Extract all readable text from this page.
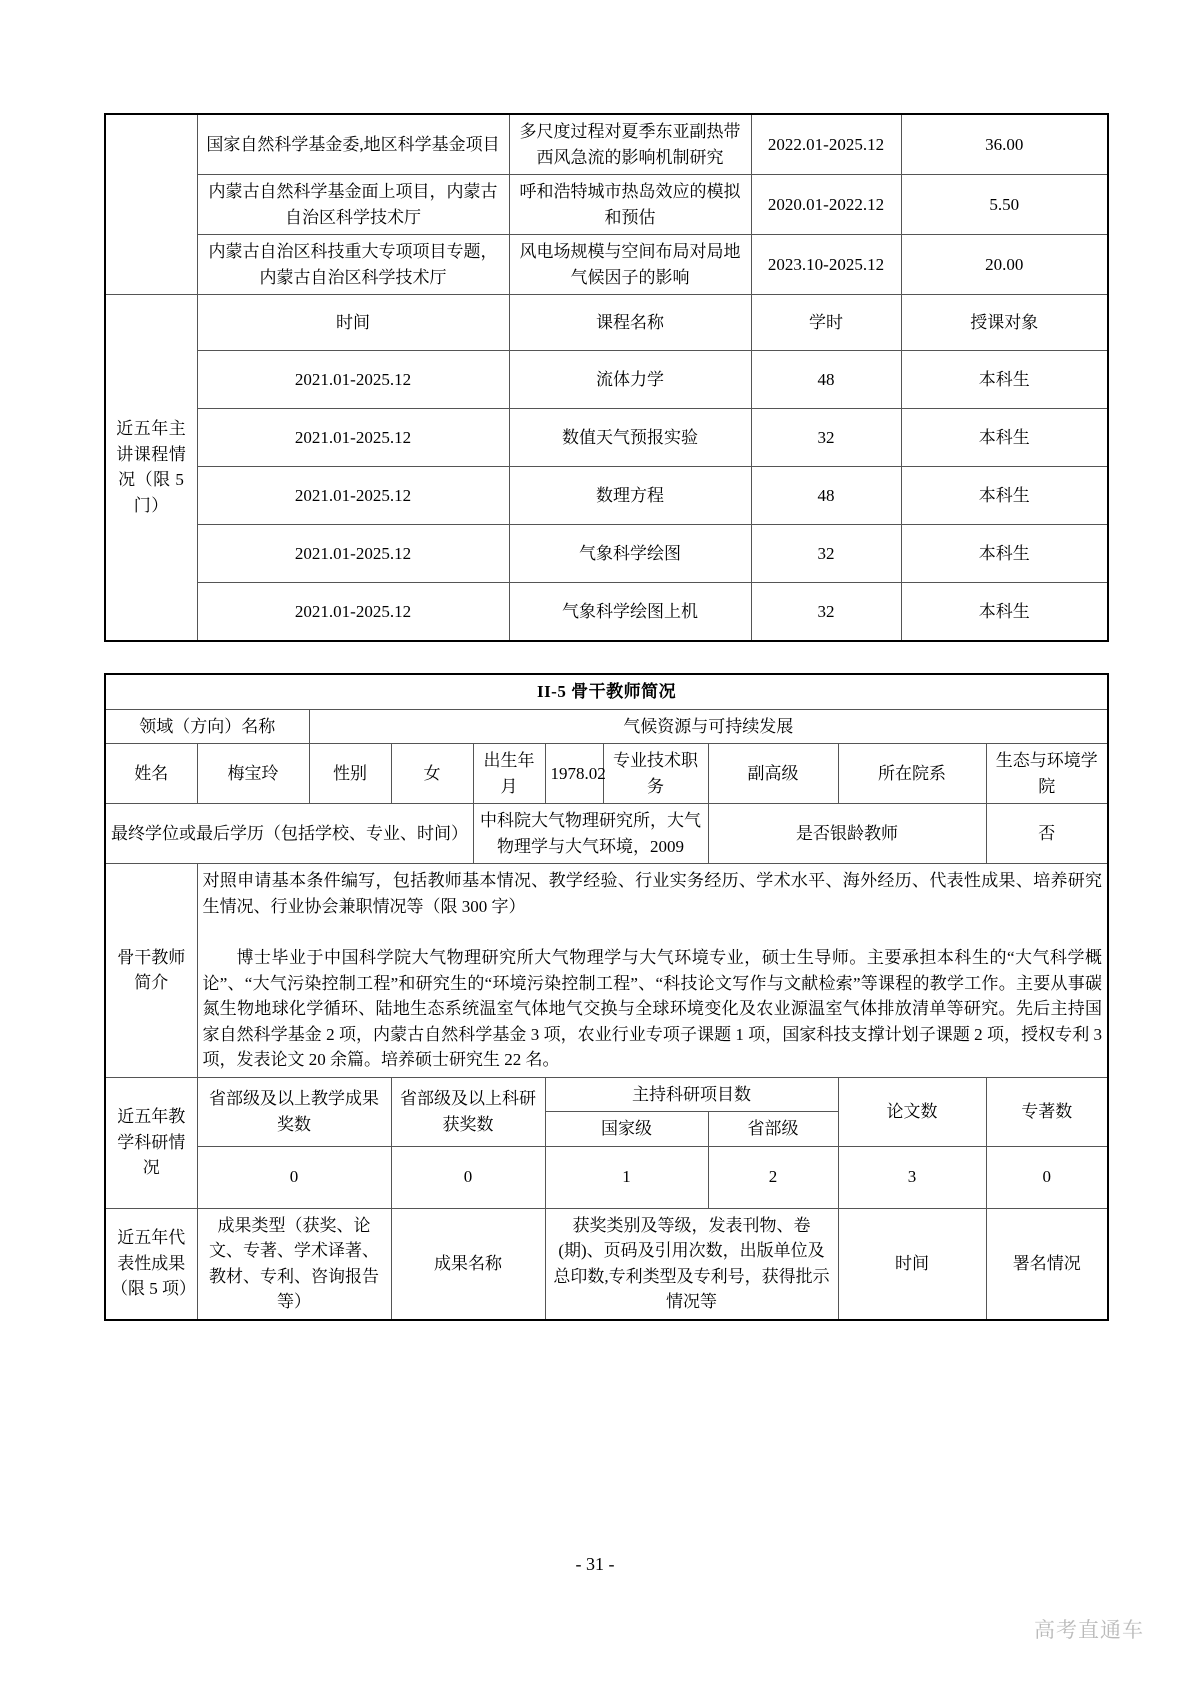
	国家自然科学基金委,地区科学基金项目	多尺度过程对夏季东亚副热带西风急流的影响机制研究	2022.01-2025.12	36.00
	内蒙古自然科学基金面上项目，内蒙古自治区科学技术厅	呼和浩特城市热岛效应的模拟和预估	2020.01-2022.12	5.50
	内蒙古自治区科技重大专项项目专题，内蒙古自治区科学技术厅	风电场规模与空间布局对局地气候因子的影响	2023.10-2025.12	20.00
近五年主讲课程情况（限 5 门）	时间	课程名称	学时	授课对象
	2021.01-2025.12	流体力学	48	本科生
	2021.01-2025.12	数值天气预报实验	32	本科生
	2021.01-2025.12	数理方程	48	本科生
	2021.01-2025.12	气象科学绘图	32	本科生
	2021.01-2025.12	气象科学绘图上机	32	本科生
II-5 骨干教师简况									
领域（方向）名称		气候资源与可持续发展							
姓名	梅宝玲	性别	女	出生年月	1978.02	专业技术职　务	副高级	所在院系	生态与环境学院
最终学位或最后学历（包括学校、专业、时间）				中科院大气物理研究所，大气物理学与大气环境，2009			是否银龄教师		否
骨干教师简介	对照申请基本条件编写，包括教师基本情况、教学经验、行业实务经历、学术水平、海外经历、代表性成果、培养研究生情况、行业协会兼职情况等（限 300 字）
博士毕业于中国科学院大气物理研究所大气物理学与大气环境专业，硕士生导师。主要承担本科生的“大气科学概论”、“大气污染控制工程”和研究生的“环境污染控制工程”、“科技论文写作与文献检索”等课程的教学工作。主要从事碳氮生物地球化学循环、陆地生态系统温室气体地气交换与全球环境变化及农业源温室气体排放清单等研究。先后主持国家自然科学基金 2 项，内蒙古自然科学基金 3 项，农业行业专项子课题 1 项，国家科技支撑计划子课题 2 项，授权专利 3 项，发表论文 20 余篇。培养硕士研究生 22 名。								

近五年教学科研情况	省部级及以上教学成果奖数		省部级及以上科研获奖数		主持科研项目数			论文数	专著数
					国家级		省部级		
	0		0		1		2	3	0
近五年代表性成果（限 5 项）	成果类型（获奖、论文、专著、学术译著、教材、专利、咨询报告等）		成果名称		获奖类别及等级，发表刊物、卷(期)、页码及引用次数，出版单位及总印数,专利类型及专利号，获得批示情况等			时间	署名情况
- 31 -
高考直通车
